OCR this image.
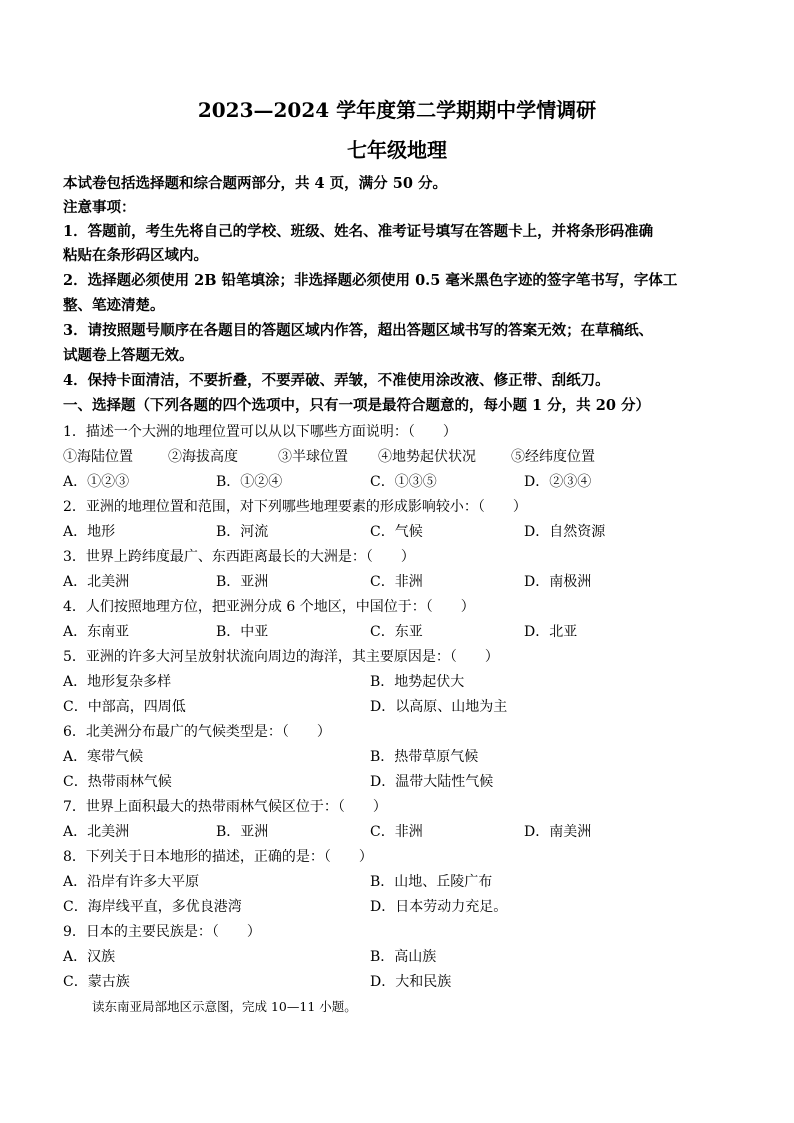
2023—2024 学年度第二学期期中学情调研
七年级地理
本试卷包括选择题和综合题两部分，共 4 页，满分 50 分。
注意事项：
1．答题前，考生先将自己的学校、班级、姓名、准考证号填写在答题卡上，并将条形码准确
粘贴在条形码区域内。
2．选择题必须使用 2B 铅笔填涂；非选择题必须使用 0.5 毫米黑色字迹的签字笔书写，字体工
整、笔迹清楚。
3．请按照题号顺序在各题目的答题区域内作答，超出答题区域书写的答案无效；在草稿纸、
试题卷上答题无效。
4．保持卡面清洁，不要折叠，不要弄破、弄皱，不准使用涂改液、修正带、刮纸刀。
一、选择题（下列各题的四个选项中，只有一项是最符合题意的，每小题 1 分，共 20 分）
1．描述一个大洲的地理位置可以从以下哪些方面说明：（　　）
①海陆位置	②海拔高度	③半球位置 ④地势起伏状况	⑤经纬度位置
A．①②③	B．①②④	C．①③⑤	D．②③④
2．亚洲的地理位置和范围，对下列哪些地理要素的形成影响较小：（　　）
A．地形	B．河流	C．气候	D．自然资源
3．世界上跨纬度最广、东西距离最长的大洲是：（　　）
A．北美洲	B．亚洲	C．非洲	D．南极洲
4．人们按照地理方位，把亚洲分成 6 个地区，中国位于：（　　）
A．东南亚	B．中亚	C．东亚	D．北亚
5．亚洲的许多大河呈放射状流向周边的海洋，其主要原因是：（　　）
A．地形复杂多样	B．地势起伏大
C．中部高，四周低	D．以高原、山地为主
6．北美洲分布最广的气候类型是：（　　）
A．寒带气候	B．热带草原气候
C．热带雨林气候	D．温带大陆性气候
7．世界上面积最大的热带雨林气候区位于：（　　）
A．北美洲	B．亚洲	C．非洲	D．南美洲
8．下列关于日本地形的描述，正确的是：（　　）
A．沿岸有许多大平原	B．山地、丘陵广布
C．海岸线平直，多优良港湾	D．日本劳动力充足。
9．日本的主要民族是：（　　）
A．汉族	B．高山族
C．蒙古族	D．大和民族
读东南亚局部地区示意图，完成 10—11 小题。
